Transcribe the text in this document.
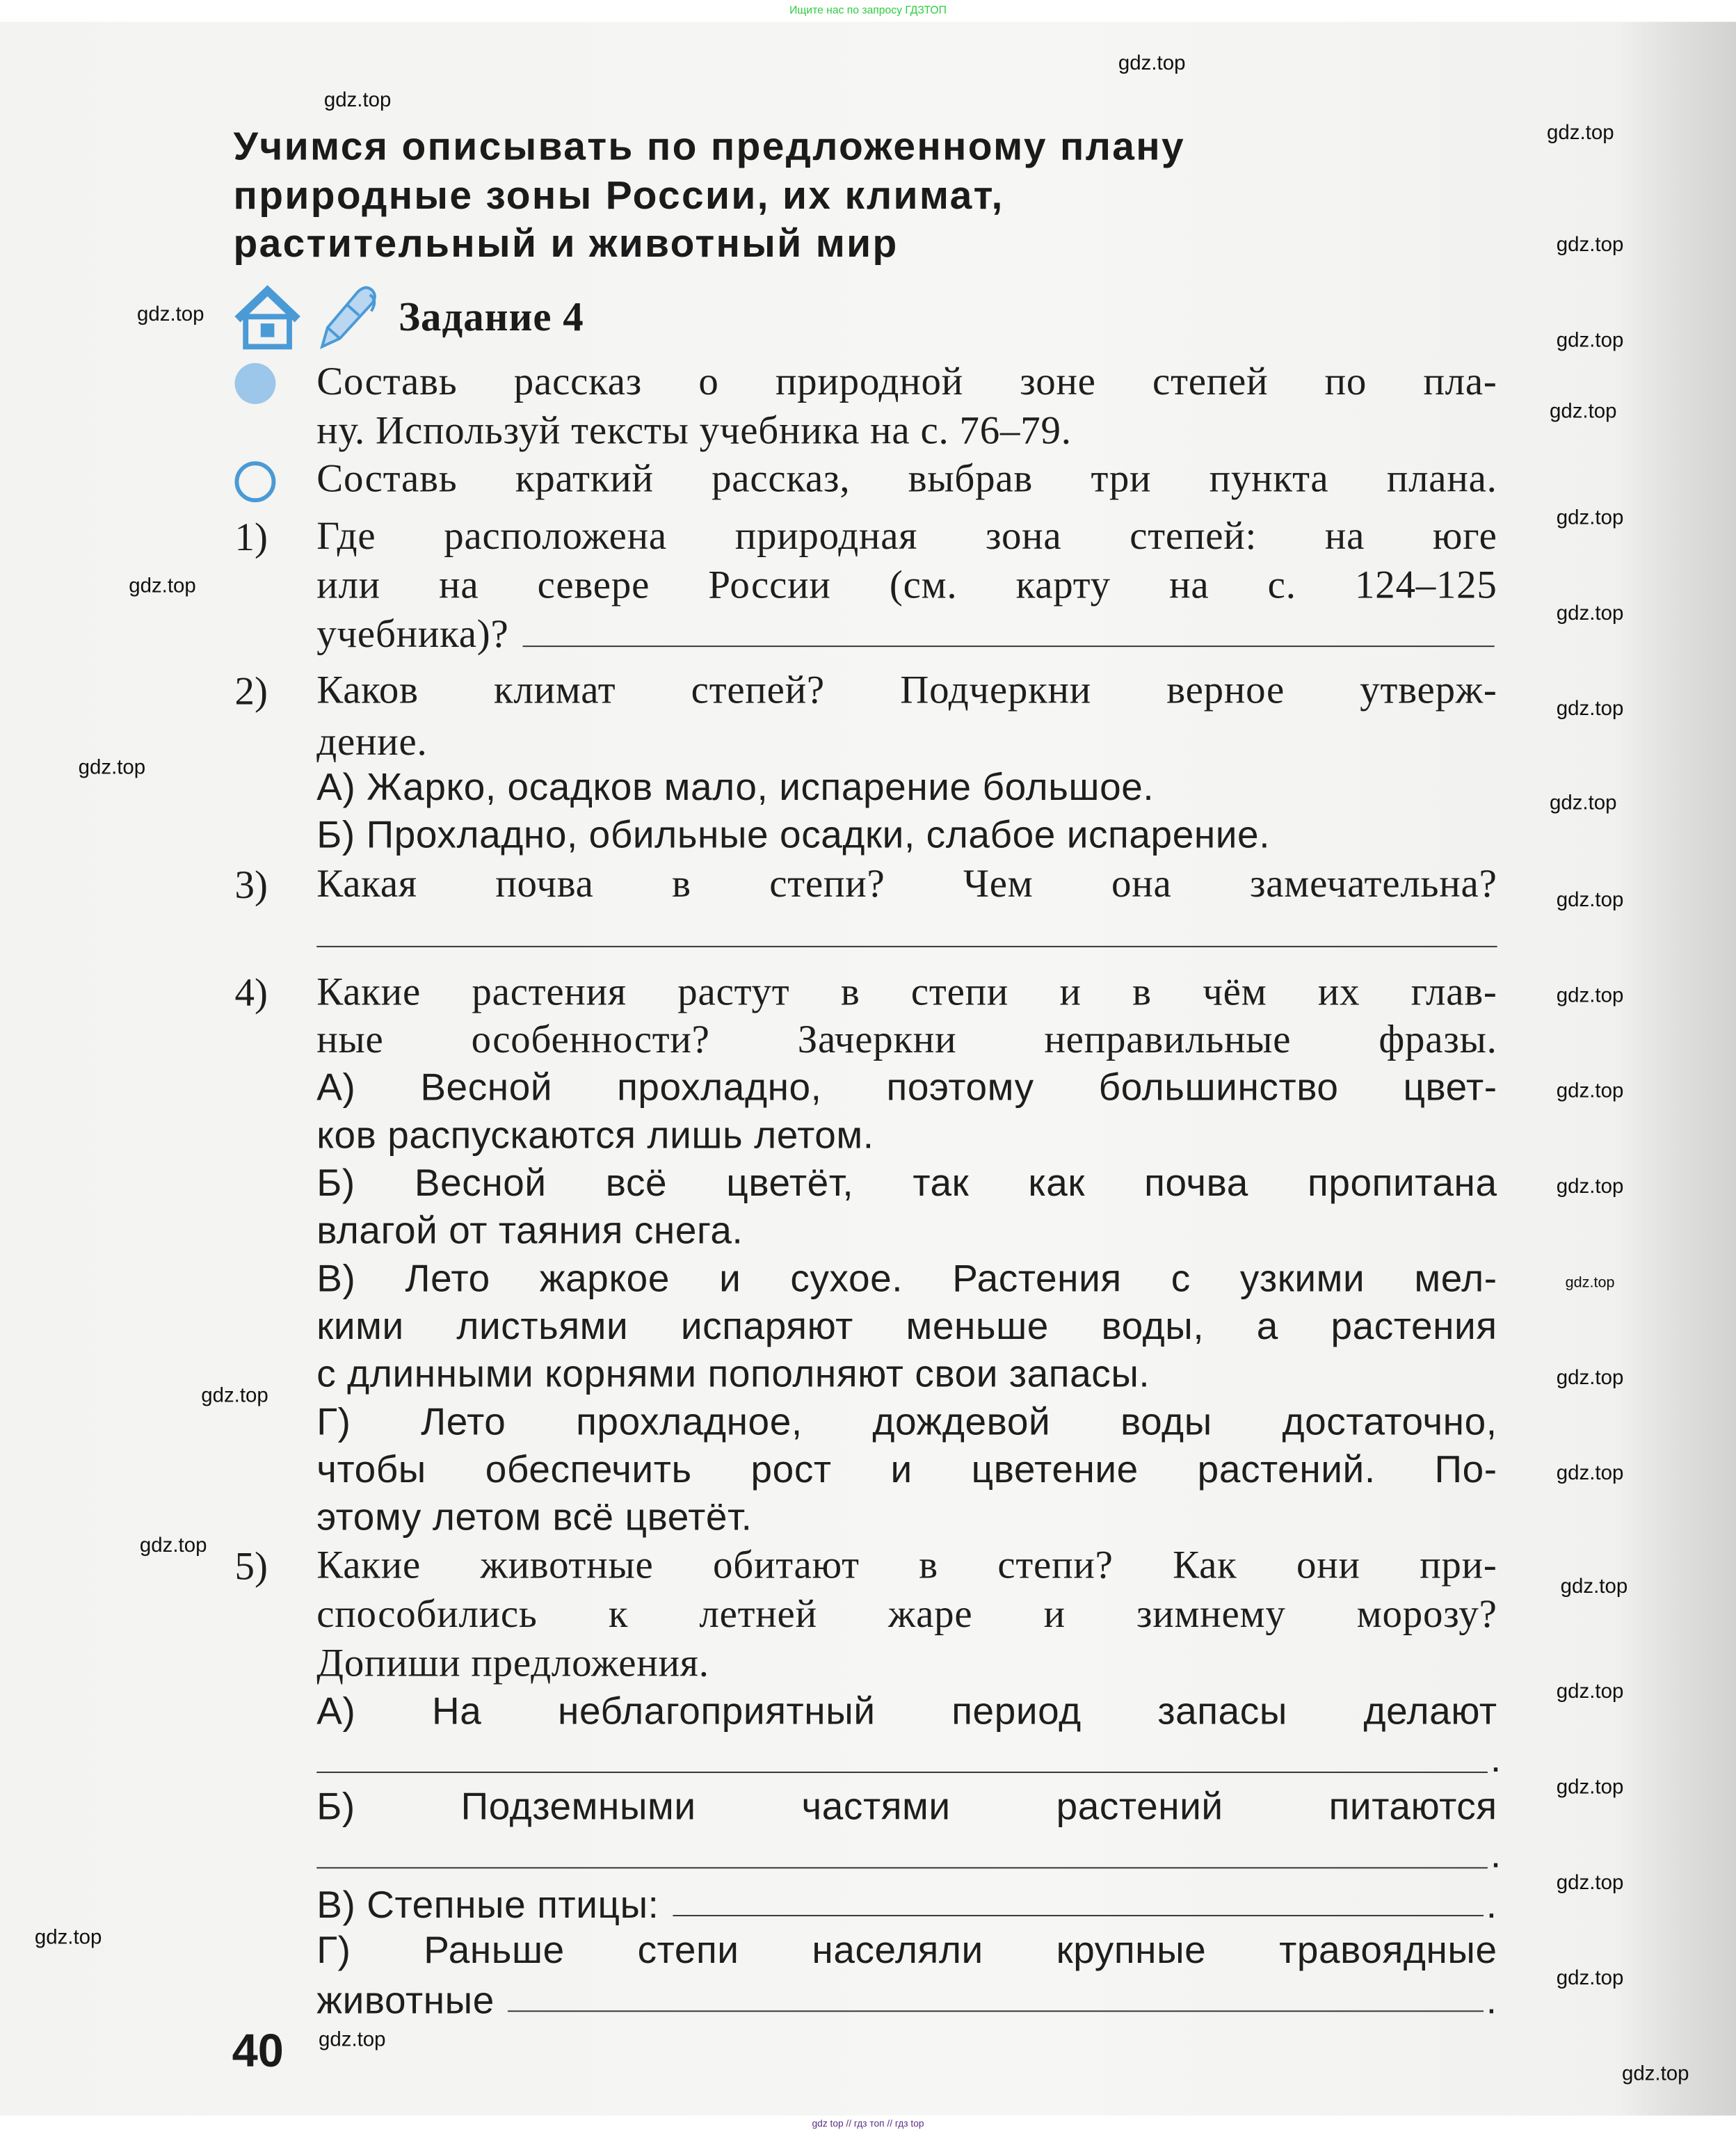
Ищите нас по запросу ГДЗТОП
gdz top // гдз топ // гдз top
Задание 4
40
Учимся описывать по предложенному плану
природные зоны России, их климат,
растительный и животный мир
Составь рассказ о природной зоне степей по пла-
ну. Используй тексты учебника на с. 76–79.
Составь краткий рассказ, выбрав три пункта плана.
Где расположена природная зона степей: на юге
или на севере России (см. карту на с. 124–125
учебника)?
Каков климат степей? Подчеркни верное утверж-
дение.
А) Жарко, осадков мало, испарение большое.
Б) Прохладно, обильные осадки, слабое испарение.
Какая почва в степи? Чем она замечательна?
Какие растения растут в степи и в чём их глав-
ные особенности? Зачеркни неправильные фразы.
А) Весной прохладно, поэтому большинство цвет-
ков распускаются лишь летом.
Б) Весной всё цветёт, так как почва пропитана
влагой от таяния снега.
В) Лето жаркое и сухое. Растения с узкими мел-
кими листьями испаряют меньше воды, а растения
с длинными корнями пополняют свои запасы.
Г) Лето прохладное, дождевой воды достаточно,
чтобы обеспечить рост и цветение растений. По-
этому летом всё цветёт.
Какие животные обитают в степи? Как они при-
способились к летней жаре и зимнему морозу?
Допиши предложения.
А) На неблагоприятный период запасы делают
Б) Подземными частями растений питаются
В) Степные птицы:	.
Г) Раньше степи населяли крупные травоядные
животные	.
1)
2)
3)
4)
5)
.
.
gdz.top
gdz.top
gdz.top
gdz.top
gdz.top
gdz.top
gdz.top
gdz.top
gdz.top
gdz.top
gdz.top
gdz.top
gdz.top
gdz.top
gdz.top
gdz.top
gdz.top
gdz.top
gdz.top
gdz.top
gdz.top
gdz.top
gdz.top
gdz.top
gdz.top
gdz.top
gdz.top
gdz.top
gdz.top
gdz.top
